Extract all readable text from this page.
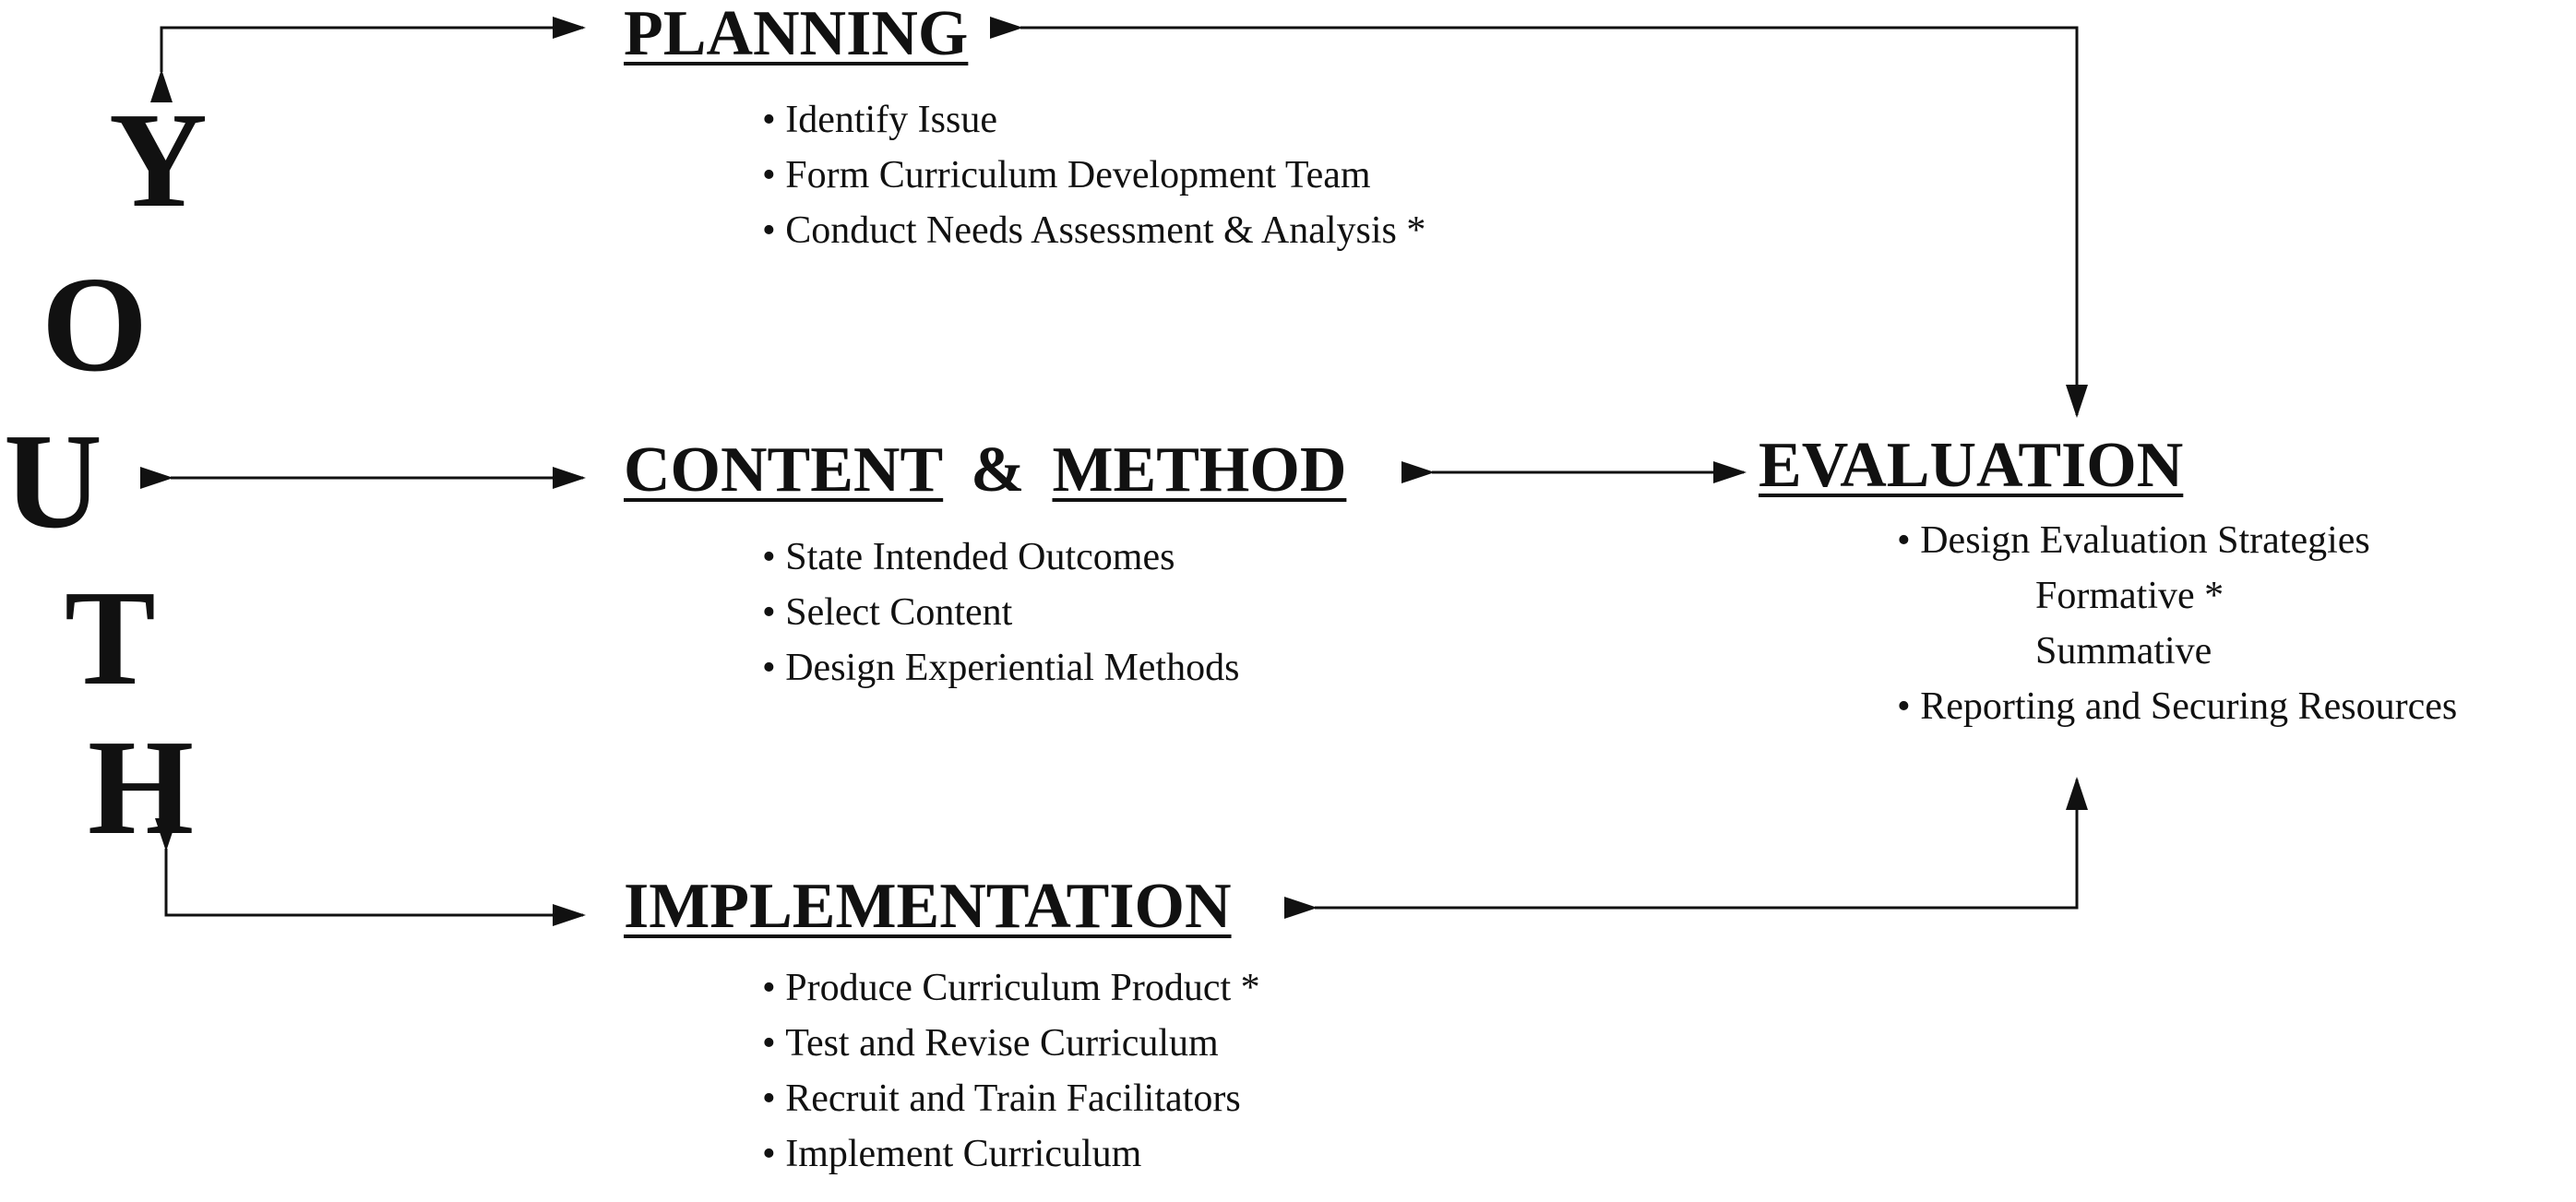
Y
O
U
T
H
PLANNING
• Identify Issue
• Form Curriculum Development Team
• Conduct Needs Assessment & Analysis *
CONTENT & METHOD
• State Intended Outcomes
• Select Content
• Design Experiential Methods
EVALUATION
• Design Evaluation Strategies
Formative *
Summative
• Reporting and Securing Resources
IMPLEMENTATION
• Produce Curriculum Product *
• Test and Revise Curriculum
• Recruit and Train Facilitators
• Implement Curriculum
